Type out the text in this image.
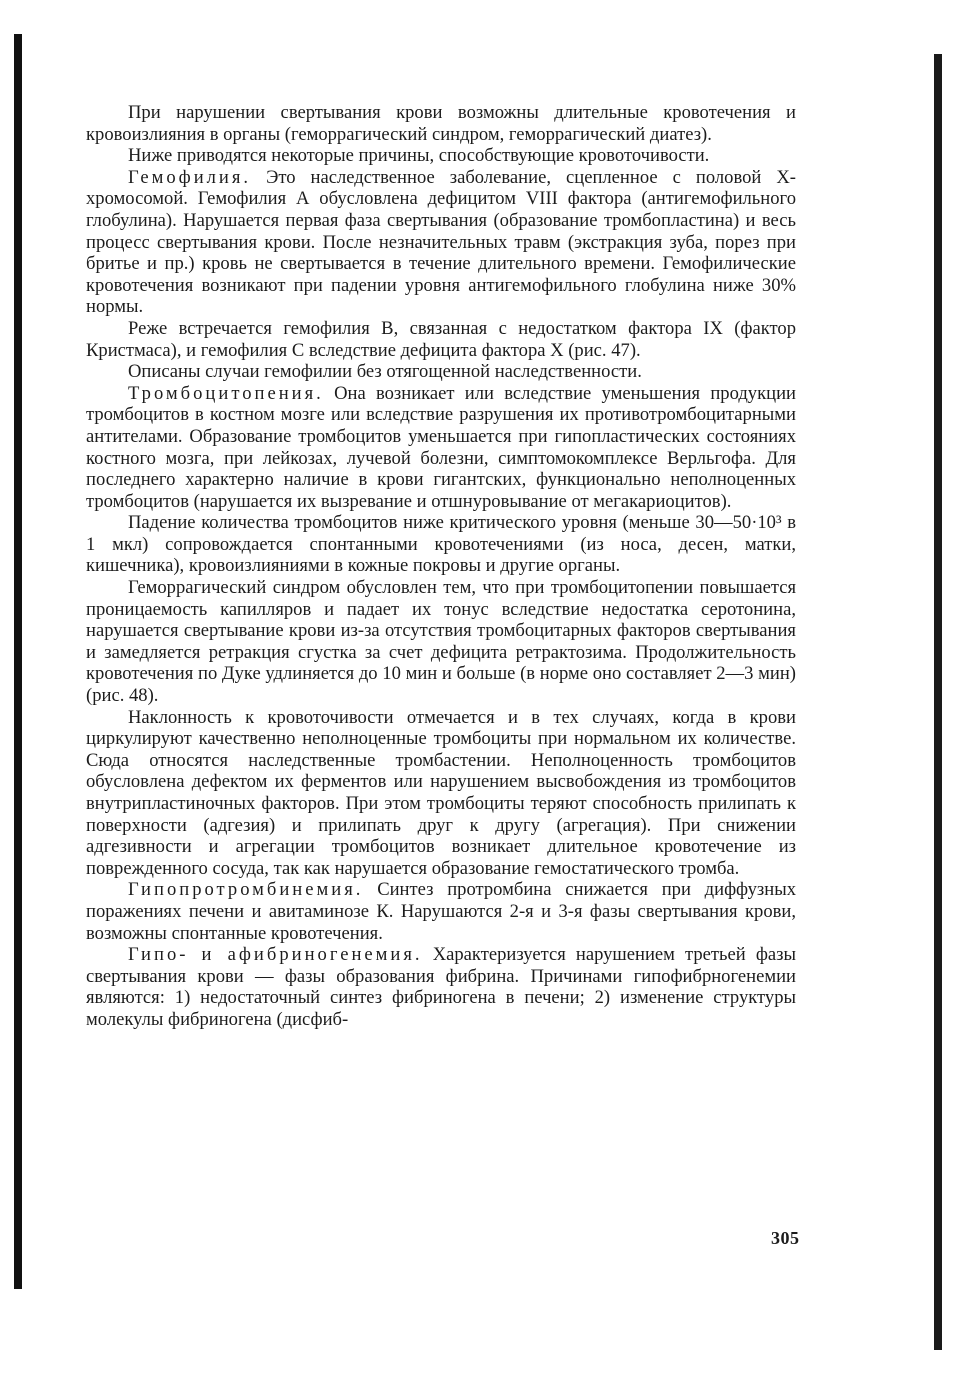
При нарушении свертывания крови возможны длительные кровотечения и кровоизлияния в органы (геморрагический синдром, геморрагический диатез).

Ниже приводятся некоторые причины, способствующие кровоточивости.

Гемофилия. Это наследственное заболевание, сцепленное с половой X-хромосомой. Гемофилия А обусловлена дефицитом VIII фактора (антигемофильного глобулина). Нарушается первая фаза свертывания (образование тромбопластина) и весь процесс свертывания крови. После незначительных травм (экстракция зуба, порез при бритье и пр.) кровь не свертывается в течение длительного времени. Гемофилические кровотечения возникают при падении уровня антигемофильного глобулина ниже 30% нормы.

Реже встречается гемофилия В, связанная с недостатком фактора IX (фактор Кристмаса), и гемофилия С вследствие дефицита фактора X (рис. 47).

Описаны случаи гемофилии без отягощенной наследственности.

Тромбоцитопения. Она возникает или вследствие уменьшения продукции тромбоцитов в костном мозге или вследствие разрушения их противотромбоцитарными антителами. Образование тромбоцитов уменьшается при гипопластических состояниях костного мозга, при лейкозах, лучевой болезни, симптомокомплексе Верльгофа. Для последнего характерно наличие в крови гигантских, функционально неполноценных тромбоцитов (нарушается их вызревание и отшнуровывание от мегакариоцитов).

Падение количества тромбоцитов ниже критического уровня (меньше 30—50·10³ в 1 мкл) сопровождается спонтанными кровотечениями (из носа, десен, матки, кишечника), кровоизлияниями в кожные покровы и другие органы.

Геморрагический синдром обусловлен тем, что при тромбоцитопении повышается проницаемость капилляров и падает их тонус вследствие недостатка серотонина, нарушается свертывание крови из-за отсутствия тромбоцитарных факторов свертывания и замедляется ретракция сгустка за счет дефицита ретрактозима. Продолжительность кровотечения по Дуке удлиняется до 10 мин и больше (в норме оно составляет 2—3 мин) (рис. 48).

Наклонность к кровоточивости отмечается и в тех случаях, когда в крови циркулируют качественно неполноценные тромбоциты при нормальном их количестве. Сюда относятся наследственные тромбастении. Неполноценность тромбоцитов обусловлена дефектом их ферментов или нарушением высвобождения из тромбоцитов внутрипластиночных факторов. При этом тромбоциты теряют способность прилипать к поверхности (адгезия) и прилипать друг к другу (агрегация). При снижении адгезивности и агрегации тромбоцитов возникает длительное кровотечение из поврежденного сосуда, так как нарушается образование гемостатического тромба.

Гипопротромбинемия. Синтез протромбина снижается при диффузных поражениях печени и авитаминозе К. Нарушаются 2-я и 3-я фазы свертывания крови, возможны спонтанные кровотечения.

Гипо- и афибриногенемия. Характеризуется нарушением третьей фазы свертывания крови — фазы образования фибрина. Причинами гипофибрногенемии являются: 1) недостаточный синтез фибриногена в печени; 2) изменение структуры молекулы фибриногена (дисфиб-

305
